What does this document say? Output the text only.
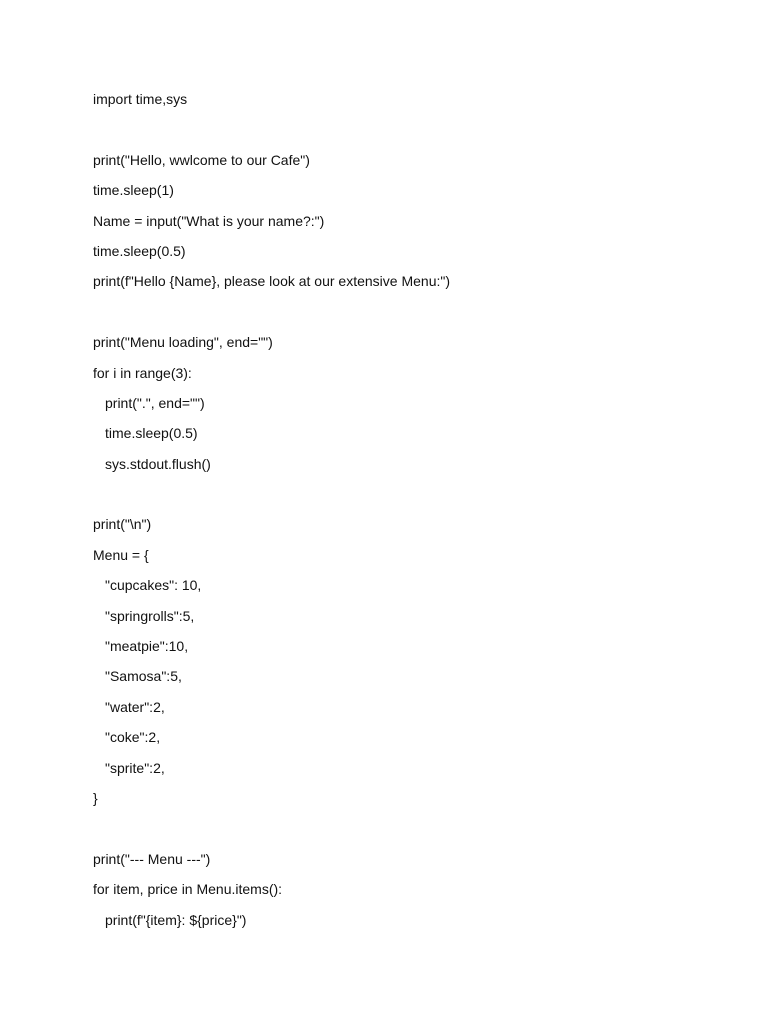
import time,sys
print("Hello, wwlcome to our Cafe")
time.sleep(1)
Name = input("What is your name?:")
time.sleep(0.5)
print(f"Hello {Name}, please look at our extensive Menu:")
print("Menu loading", end="")
for i in range(3):
print(".", end="")
time.sleep(0.5)
sys.stdout.flush()
print("\n")
Menu = {
"cupcakes": 10,
"springrolls":5,
"meatpie":10,
"Samosa":5,
"water":2,
"coke":2,
"sprite":2,
}
print("--- Menu ---")
for item, price in Menu.items():
print(f"{item}: ${price}")
